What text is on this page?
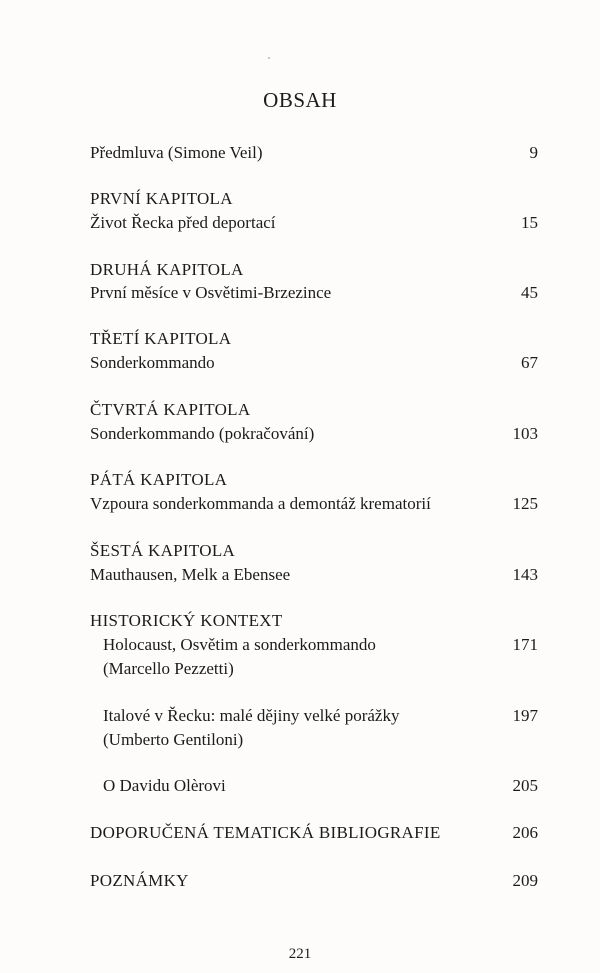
OBSAH
Předmluva (Simone Veil)	9
PRVNÍ KAPITOLA
Život Řecka před deportací	15
DRUHÁ KAPITOLA
První měsíce v Osvětimi-Brzezince	45
TŘETÍ KAPITOLA
Sonderkommando	67
ČTVRTÁ KAPITOLA
Sonderkommando (pokračování)	103
PÁTÁ KAPITOLA
Vzpoura sonderkommanda a demontáž krematorií	125
ŠESTÁ KAPITOLA
Mauthausen, Melk a Ebensee	143
HISTORICKÝ KONTEXT
Holocaust, Osvětim a sonderkommando	171
(Marcello Pezzetti)
Italové v Řecku: malé dějiny velké porážky	197
(Umberto Gentiloni)
O Davidu Olèrovi	205
DOPORUČENÁ TEMATICKÁ BIBLIOGRAFIE	206
POZNÁMKY	209
221
